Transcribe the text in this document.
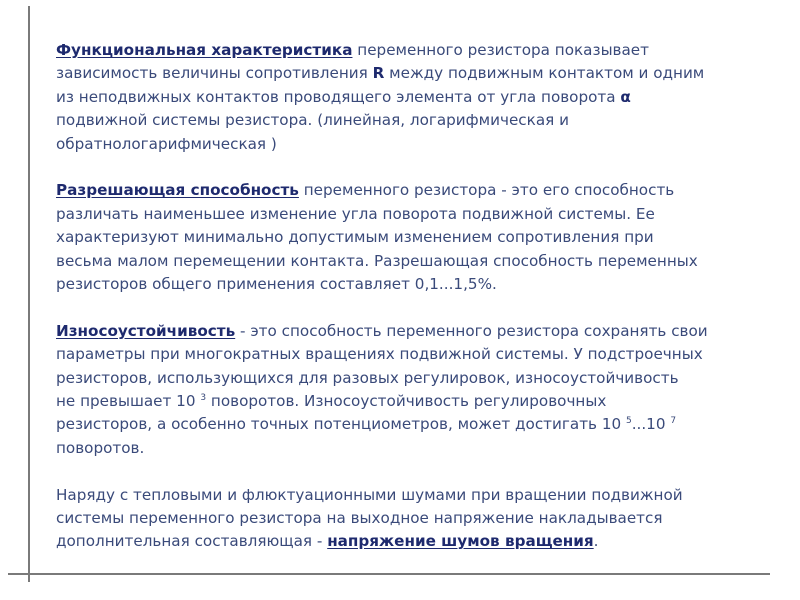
Функциональная характеристика переменного резистора показывает
зависимость величины сопротивления R между подвижным контактом и одним
из неподвижных контактов проводящего элемента от угла поворота α
подвижной системы резистора. (линейная, логарифмическая и
обратнологарифмическая )

Разрешающая способность переменного резистора - это его способность
различать наименьшее изменение угла поворота подвижной системы. Ее
характеризуют минимально допустимым изменением сопротивления при
весьма малом перемещении контакта. Разрешающая способность переменных
резисторов общего применения составляет 0,1...1,5%.

Износоустойчивость - это способность переменного резистора сохранять свои
параметры при многократных вращениях подвижной системы. У подстроечных
резисторов, использующихся для разовых регулировок, износоустойчивость
не превышает 10 $^3$ поворотов. Износоустойчивость регулировочных
резисторов, а особенно точных потенциометров, может достигать 10 $^5$...10 $^7$
поворотов.

Наряду с тепловыми и флюктуационными шумами при вращении подвижной
системы переменного резистора на выходное напряжение накладывается
дополнительная составляющая - напряжение шумов вращения.
